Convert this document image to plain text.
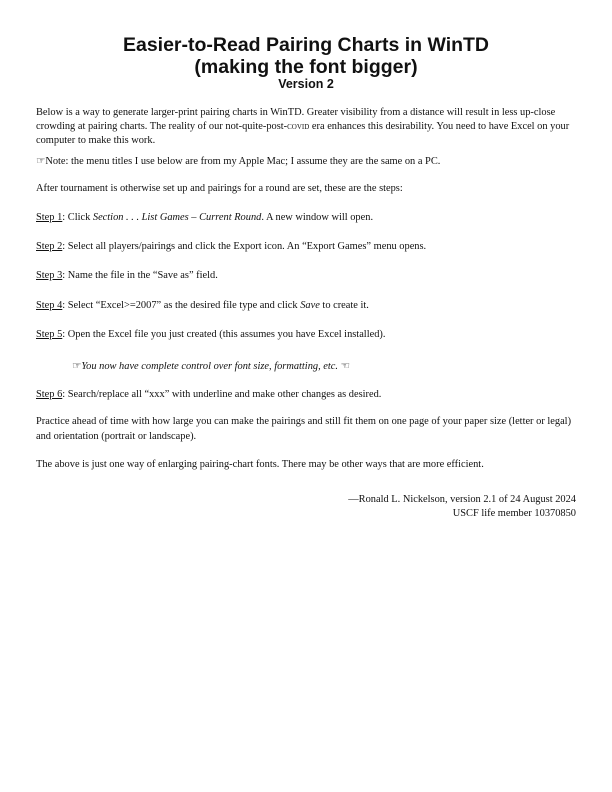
Easier-to-Read Pairing Charts in WinTD
(making the font bigger)
Version 2

Below is a way to generate larger-print pairing charts in WinTD. Greater visibility from a distance will result in less up-close crowding at pairing charts. The reality of our not-quite-post-covid era enhances this desirability. You need to have Excel on your computer to make this work.

☞Note: the menu titles I use below are from my Apple Mac; I assume they are the same on a PC.

After tournament is otherwise set up and pairings for a round are set, these are the steps:

Step 1: Click Section . . . List Games – Current Round. A new window will open.

Step 2: Select all players/pairings and click the Export icon. An “Export Games” menu opens.

Step 3: Name the file in the “Save as” field.

Step 4: Select “Excel>=2007” as the desired file type and click Save to create it.

Step 5: Open the Excel file you just created (this assumes you have Excel installed).

☞You now have complete control over font size, formatting, etc. ☜

Step 6: Search/replace all “xxx” with underline and make other changes as desired.

Practice ahead of time with how large you can make the pairings and still fit them on one page of your paper size (letter or legal) and orientation (portrait or landscape).

The above is just one way of enlarging pairing-chart fonts. There may be other ways that are more efficient.

—Ronald L. Nickelson, version 2.1 of 24 August 2024

USCF life member 10370850
